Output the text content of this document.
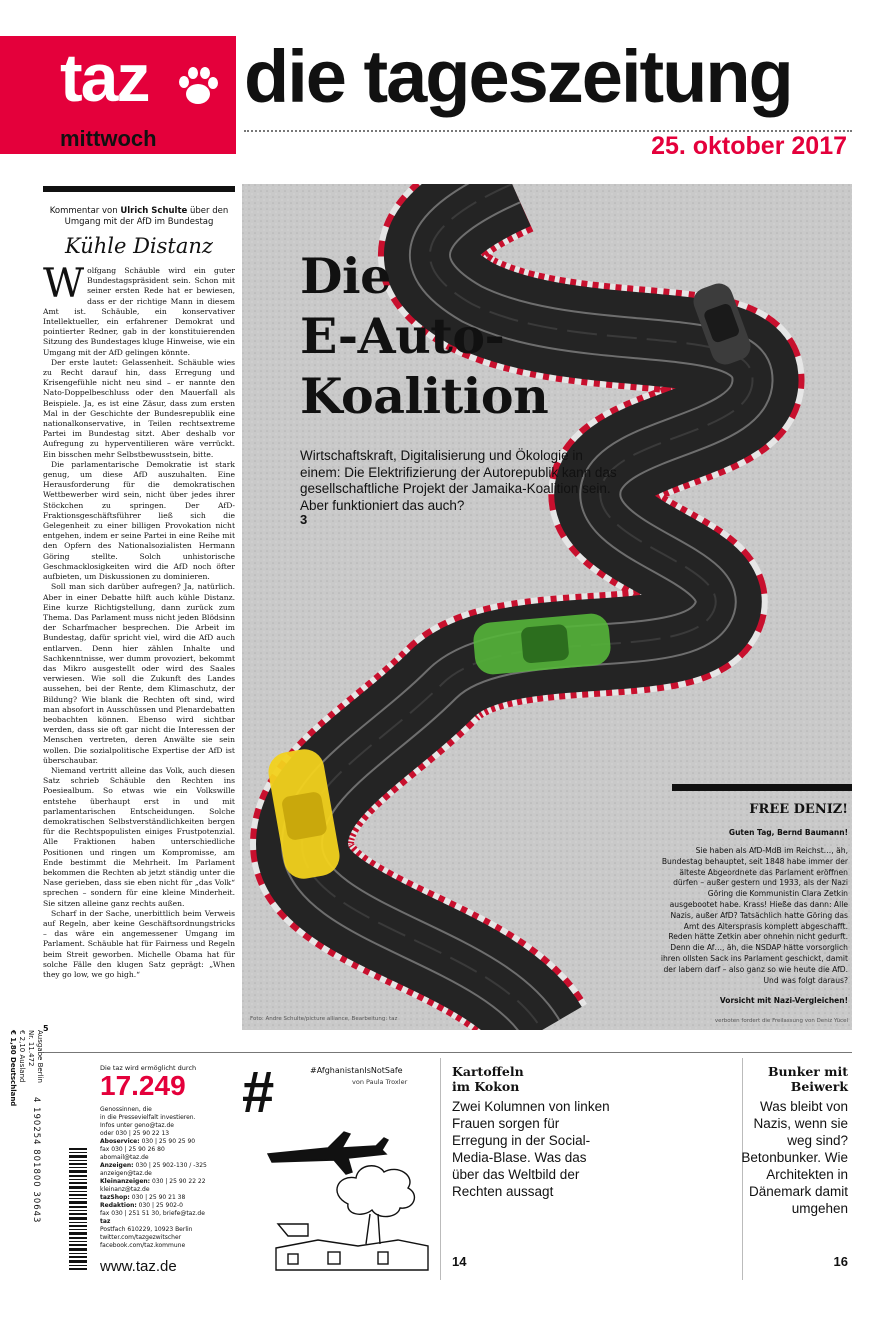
taz die tageszeitung
mittwoch	25. oktober 2017
Kommentar von Ulrich Schulte über den Umgang mit der AfD im Bundestag
Kühle Distanz

Wolfgang Schäuble wird ein guter Bundestagspräsident sein. Schon mit seiner ersten Rede hat er bewiesen, dass er der richtige Mann in diesem Amt ist. Schäuble, ein konservativer Intellektueller, ein erfahrener Demokrat und pointierter Redner, gab in der konstituierenden Sitzung des Bundestages kluge Hinweise, wie ein Umgang mit der AfD gelingen könnte.

Der erste lautet: Gelassenheit. Schäuble wies zu Recht darauf hin, dass Erregung und Krisengefühle nicht neu sind – er nannte den Nato-Doppelbeschluss oder den Mauerfall als Beispiele. Ja, es ist eine Zäsur, dass zum ersten Mal in der Geschichte der Bundesrepublik eine nationalkonservative, in Teilen rechtsextreme Partei im Bundestag sitzt. Aber deshalb vor Aufregung zu hyperventilieren wäre verrückt. Ein bisschen mehr Selbstbewusstsein, bitte.

Die parlamentarische Demokratie ist stark genug, um diese AfD auszuhalten. Eine Herausforderung für die demokratischen Wettbewerber wird sein, nicht über jedes ihrer Stöckchen zu springen. Der AfD-Fraktionsgeschäftsführer ließ sich die Gelegenheit zu einer billigen Provokation nicht entgehen, indem er seine Partei in eine Reihe mit den Opfern des Nationalsozialisten Hermann Göring stellte. Solch unhistorische Geschmacklosigkeiten wird die AfD noch öfter aufbieten, um Diskussionen zu dominieren.

Soll man sich darüber aufregen? Ja, natürlich. Aber in einer Debatte hilft auch kühle Distanz. Eine kurze Richtigstellung, dann zurück zum Thema. Das Parlament muss nicht jeden Blödsinn der Scharfmacher besprechen. Die Arbeit im Bundestag, dafür spricht viel, wird die AfD auch entlarven. Denn hier zählen Inhalte und Sachkenntnisse, wer dumm provoziert, bekommt das Mikro ausgestellt oder wird des Saales verwiesen. Wie soll die Zukunft des Landes aussehen, bei der Rente, dem Klimaschutz, der Bildung? Wie blank die Rechten oft sind, wird man absofort in Ausschüssen und Plenardebatten beobachten können. Ebenso wird sichtbar werden, dass sie oft gar nicht die Interessen der Menschen vertreten, deren Anwälte sie sein wollen. Die sozialpolitische Expertise der AfD ist überschaubar.

Niemand vertritt alleine das Volk, auch diesen Satz schrieb Schäuble den Rechten ins Poesiealbum. So etwas wie ein Volkswille entstehe überhaupt erst in und mit parlamentarischen Entscheidungen. Solche demokratischen Selbstverständlichkeiten bergen für die Rechtspopulisten einiges Frustpotenzial. Alle Fraktionen haben unterschiedliche Positionen und ringen um Kompromisse, am Ende bestimmt die Mehrheit. Im Parlament bekommen die Rechten ab jetzt ständig unter die Nase gerieben, dass sie eben nicht für „das Volk“ sprechen – sondern für eine kleine Minderheit. Sie sitzen alleine ganz rechts außen.

Scharf in der Sache, unerbittlich beim Verweis auf Regeln, aber keine Geschäftsordnungstricks – das wäre ein angemessener Umgang im Parlament. Schäuble hat für Fairness und Regeln beim Streit geworben. Michelle Obama hat für solche Fälle den klugen Satz geprägt: „When they go low, we go high.“

5
Die
E-Auto-
Koalition
Wirtschaftskraft, Digitalisierung und Ökologie in einem: Die Elektrifizierung der Autorepublik kann das gesellschaftliche Projekt der Jamaika-Koalition sein. Aber funktioniert das auch?
3
Foto: Andre Schulte/picture alliance, Bearbeitung: taz
FREE DENIZ!
Guten Tag, Bernd Baumann!
Sie haben als AfD-MdB im Reichst…, äh, Bundestag behauptet, seit 1848 habe immer der älteste Abgeordnete das Parlament eröffnen dürfen – außer gestern und 1933, als der Nazi Göring die Kommunistin Clara Zetkin ausgebootet habe. Krass! Hieße das dann: Alle Nazis, außer AfD? Tatsächlich hatte Göring das Amt des Altersprasis komplett abgeschafft. Reden hätte Zetkin aber ohnehin nicht gedurft. Denn die Af…, äh, die NSDAP hätte vorsorglich ihren ollsten Sack ins Parlament geschickt, damit der labern darf – also ganz so wie heute die AfD. Und was folgt daraus?
Vorsicht mit Nazi-Vergleichen!
verboten fordert die Freilassung von Deniz Yücel
Ausgabe Berlin
Nr. 11.472
€ 2,10 Ausland
€ 1,80 Deutschland
4 190254 801800 30643
Die taz wird ermöglicht durch
17.249
Genossinnen, die
in die Pressevielfalt investieren.
Infos unter geno@taz.de
oder 030 | 25 90 22 13
Aboservice: 030 | 25 90 25 90
fax 030 | 25 90 26 80
abomail@taz.de
Anzeigen: 030 | 25 902-130 / -325
anzeigen@taz.de
Kleinanzeigen: 030 | 25 90 22 22
kleinanz@taz.de
tazShop: 030 | 25 90 21 38
Redaktion: 030 | 25 902-0
fax 030 | 251 51 30, briefe@taz.de
taz
Postfach 610229, 10923 Berlin
twitter.com/tazgezwitscher
facebook.com/taz.kommune
www.taz.de
#	#AfghanistanIsNotSafe
von Paula Troxler
Kartoffeln
im Kokon
Zwei Kolumnen von linken Frauen sorgen für Erregung in der Social-Media-Blase. Was das über das Weltbild der Rechten aussagt
14
Bunker mit
Beiwerk
Was bleibt von Nazis, wenn sie weg sind? Betonbunker. Wie Architekten in Dänemark damit umgehen
16
